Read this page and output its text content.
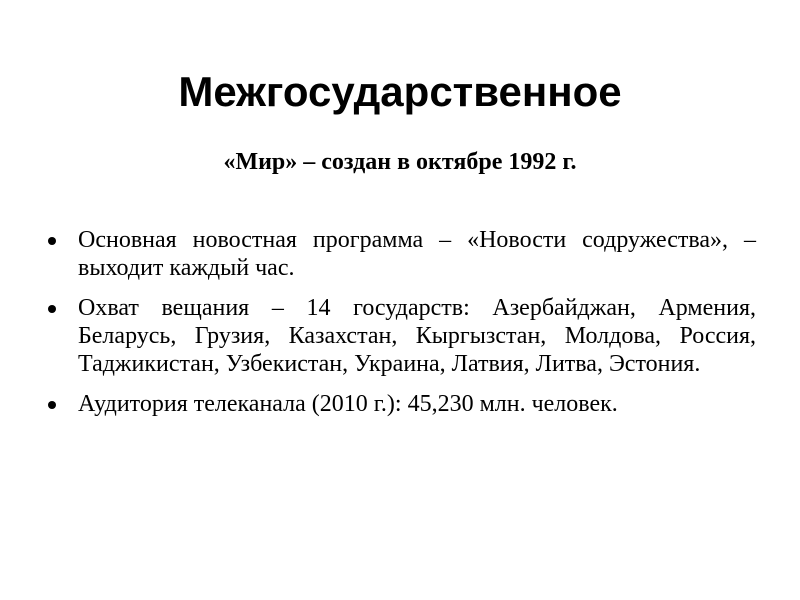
Межгосударственное

«Мир» – создан в октябре 1992 г.

Основная новостная программа – «Новости содружества», – выходит каждый час.
Охват вещания – 14 государств: Азербайджан, Армения, Беларусь, Грузия, Казахстан, Кыргызстан, Молдова, Россия, Таджикистан, Узбекистан, Украина, Латвия, Литва, Эстония.
Аудитория телеканала (2010 г.): 45,230 млн. человек.
